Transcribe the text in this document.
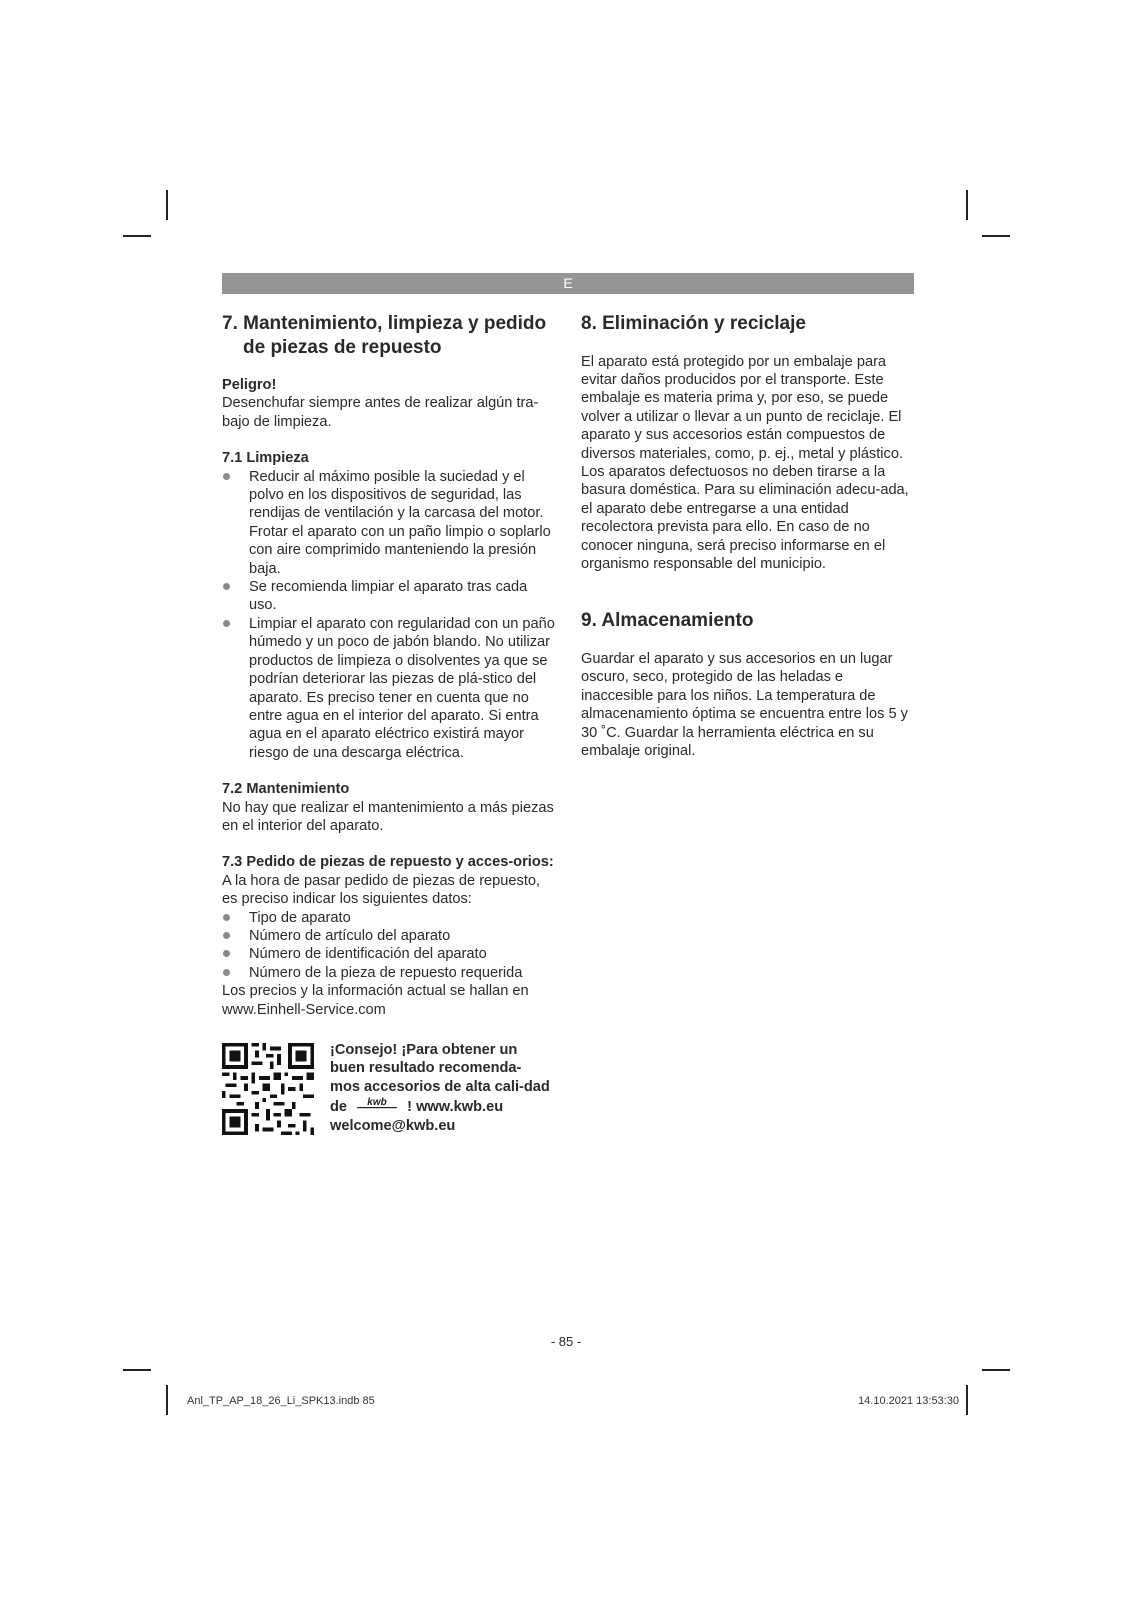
E
7. Mantenimiento, limpieza y pedido de piezas de repuesto

Peligro!

Desenchufar siempre antes de realizar algún tra-bajo de limpieza.

7.1 Limpieza

Reducir al máximo posible la suciedad y el polvo en los dispositivos de seguridad, las rendijas de ventilación y la carcasa del motor. Frotar el aparato con un paño limpio o soplarlo con aire comprimido manteniendo la presión baja.
Se recomienda limpiar el aparato tras cada uso.
Limpiar el aparato con regularidad con un paño húmedo y un poco de jabón blando. No utilizar productos de limpieza o disolventes ya que se podrían deteriorar las piezas de plá-stico del aparato. Es preciso tener en cuenta que no entre agua en el interior del aparato. Si entra agua en el aparato eléctrico existirá mayor riesgo de una descarga eléctrica.

7.2 Mantenimiento

No hay que realizar el mantenimiento a más piezas en el interior del aparato.

7.3 Pedido de piezas de repuesto y acces-orios:

A la hora de pasar pedido de piezas de repuesto, es preciso indicar los siguientes datos:

Tipo de aparato
Número de artículo del aparato
Número de identificación del aparato
Número de la pieza de repuesto requerida

Los precios y la información actual se hallan en www.Einhell-Service.com

¡Consejo! ¡Para obtener un buen resultado recomenda-mos accesorios de alta cali-dad de kwb ! www.kwb.eu welcome@kwb.eu
8. Eliminación y reciclaje

El aparato está protegido por un embalaje para evitar daños producidos por el transporte. Este embalaje es materia prima y, por eso, se puede volver a utilizar o llevar a un punto de reciclaje. El aparato y sus accesorios están compuestos de diversos materiales, como, p. ej., metal y plástico. Los aparatos defectuosos no deben tirarse a la basura doméstica. Para su eliminación adecu-ada, el aparato debe entregarse a una entidad recolectora prevista para ello. En caso de no conocer ninguna, será preciso informarse en el organismo responsable del municipio.

9. Almacenamiento

Guardar el aparato y sus accesorios en un lugar oscuro, seco, protegido de las heladas e inaccesible para los niños. La temperatura de almacenamiento óptima se encuentra entre los 5 y 30 ˚C. Guardar la herramienta eléctrica en su embalaje original.

- 85 -
Anl_TP_AP_18_26_Li_SPK13.indb 85	14.10.2021 13:53:30
